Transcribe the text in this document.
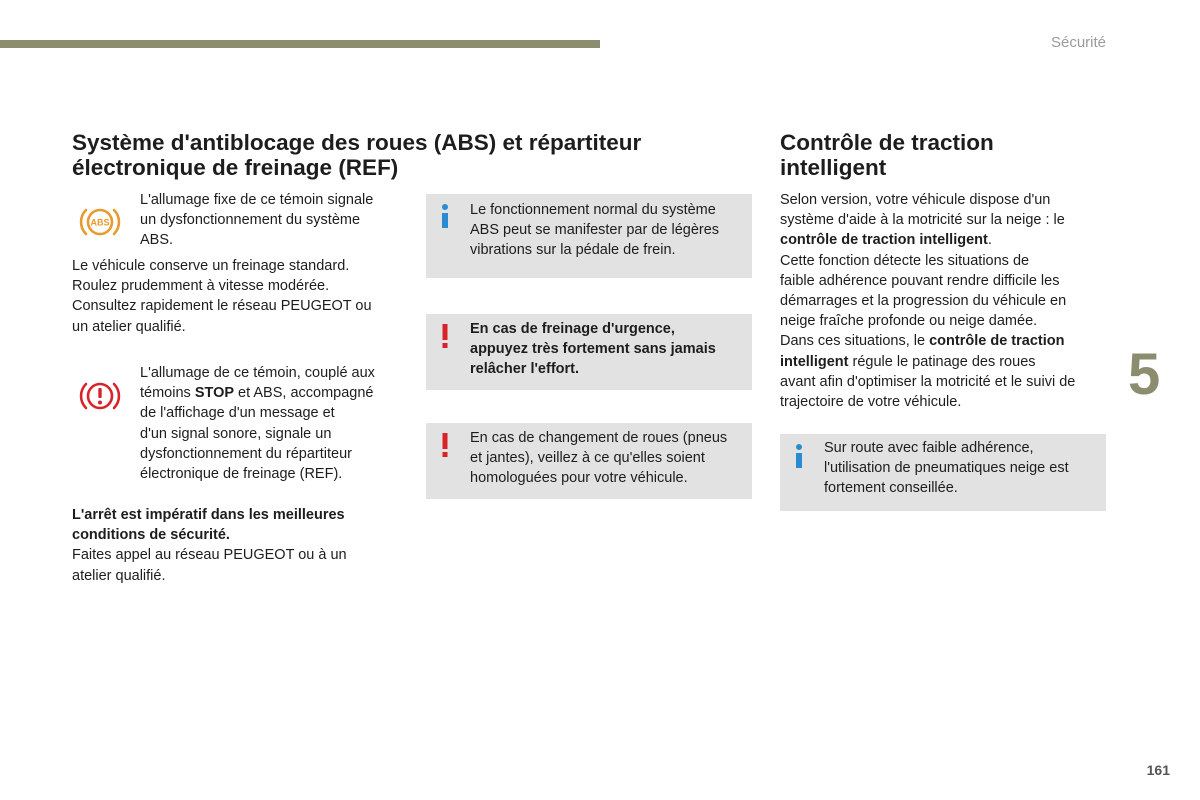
Sécurité
Système d'antiblocage des roues (ABS) et répartiteur électronique de freinage (REF)
ABS
L'allumage fixe de ce témoin signale
un dysfonctionnement du système
ABS.
Le véhicule conserve un freinage standard.
Roulez prudemment à vitesse modérée.
Consultez rapidement le réseau PEUGEOT ou
un atelier qualifié.
L'allumage de ce témoin, couplé aux
témoins STOP et ABS, accompagné
de l'affichage d'un message et
d'un signal sonore, signale un
dysfonctionnement du répartiteur
électronique de freinage (REF).
L'arrêt est impératif dans les meilleures
conditions de sécurité.
Faites appel au réseau PEUGEOT ou à un
atelier qualifié.
Le fonctionnement normal du système
ABS peut se manifester par de légères
vibrations sur la pédale de frein.
En cas de freinage d'urgence,
appuyez très fortement sans jamais
relâcher l'effort.
En cas de changement de roues (pneus
et jantes), veillez à ce qu'elles soient
homologuées pour votre véhicule.
Contrôle de traction intelligent
Selon version, votre véhicule dispose d'un
système d'aide à la motricité sur la neige : le
contrôle de traction intelligent.
Cette fonction détecte les situations de
faible adhérence pouvant rendre difficile les
démarrages et la progression du véhicule en
neige fraîche profonde ou neige damée.
Dans ces situations, le contrôle de traction
intelligent régule le patinage des roues
avant afin d'optimiser la motricité et le suivi de
trajectoire de votre véhicule.
Sur route avec faible adhérence,
l'utilisation de pneumatiques neige est
fortement conseillée.
5
161
